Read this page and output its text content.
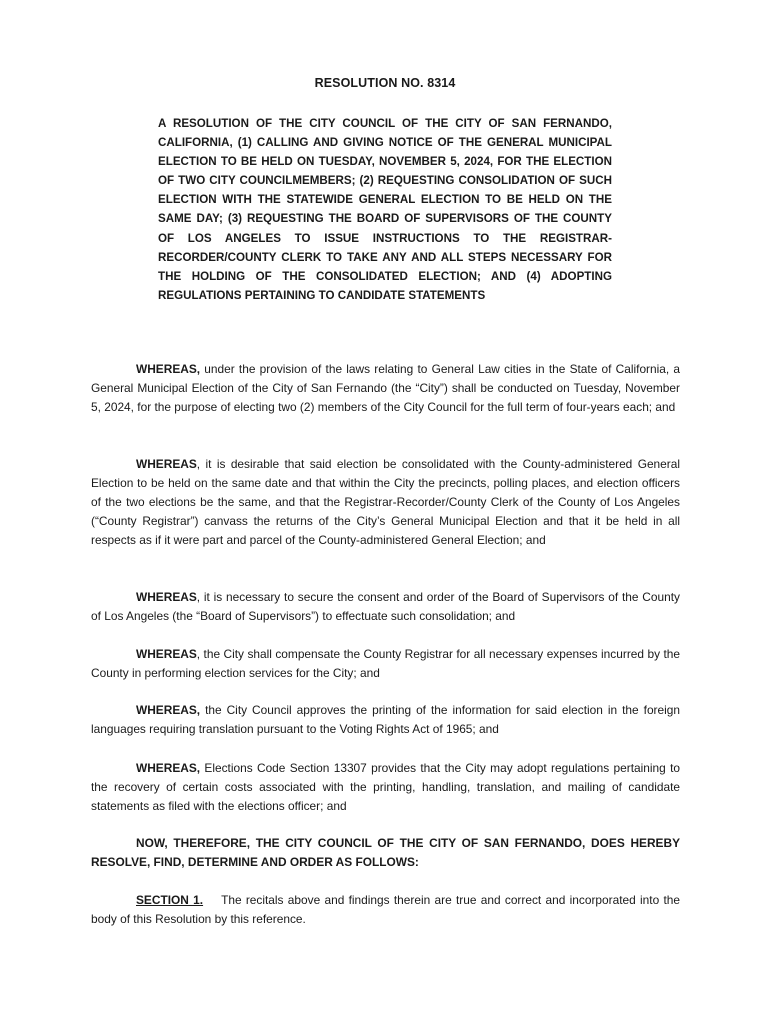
RESOLUTION NO. 8314
A RESOLUTION OF THE CITY COUNCIL OF THE CITY OF SAN FERNANDO, CALIFORNIA, (1) CALLING AND GIVING NOTICE OF THE GENERAL MUNICIPAL ELECTION TO BE HELD ON TUESDAY, NOVEMBER 5, 2024, FOR THE ELECTION OF TWO CITY COUNCILMEMBERS; (2) REQUESTING CONSOLIDATION OF SUCH ELECTION WITH THE STATEWIDE GENERAL ELECTION TO BE HELD ON THE SAME DAY; (3) REQUESTING THE BOARD OF SUPERVISORS OF THE COUNTY OF LOS ANGELES TO ISSUE INSTRUCTIONS TO THE REGISTRAR-RECORDER/COUNTY CLERK TO TAKE ANY AND ALL STEPS NECESSARY FOR THE HOLDING OF THE CONSOLIDATED ELECTION; AND (4) ADOPTING REGULATIONS PERTAINING TO CANDIDATE STATEMENTS

WHEREAS, under the provision of the laws relating to General Law cities in the State of California, a General Municipal Election of the City of San Fernando (the “City”) shall be conducted on Tuesday, November 5, 2024, for the purpose of electing two (2) members of the City Council for the full term of four-years each; and

WHEREAS, it is desirable that said election be consolidated with the County-administered General Election to be held on the same date and that within the City the precincts, polling places, and election officers of the two elections be the same, and that the Registrar-Recorder/County Clerk of the County of Los Angeles (“County Registrar”) canvass the returns of the City’s General Municipal Election and that it be held in all respects as if it were part and parcel of the County-administered General Election; and

WHEREAS, it is necessary to secure the consent and order of the Board of Supervisors of the County of Los Angeles (the “Board of Supervisors”) to effectuate such consolidation; and

WHEREAS, the City shall compensate the County Registrar for all necessary expenses incurred by the County in performing election services for the City; and

WHEREAS, the City Council approves the printing of the information for said election in the foreign languages requiring translation pursuant to the Voting Rights Act of 1965; and

WHEREAS, Elections Code Section 13307 provides that the City may adopt regulations pertaining to the recovery of certain costs associated with the printing, handling, translation, and mailing of candidate statements as filed with the elections officer; and

NOW, THEREFORE, THE CITY COUNCIL OF THE CITY OF SAN FERNANDO, DOES HEREBY RESOLVE, FIND, DETERMINE AND ORDER AS FOLLOWS:

SECTION 1. The recitals above and findings therein are true and correct and incorporated into the body of this Resolution by this reference.
